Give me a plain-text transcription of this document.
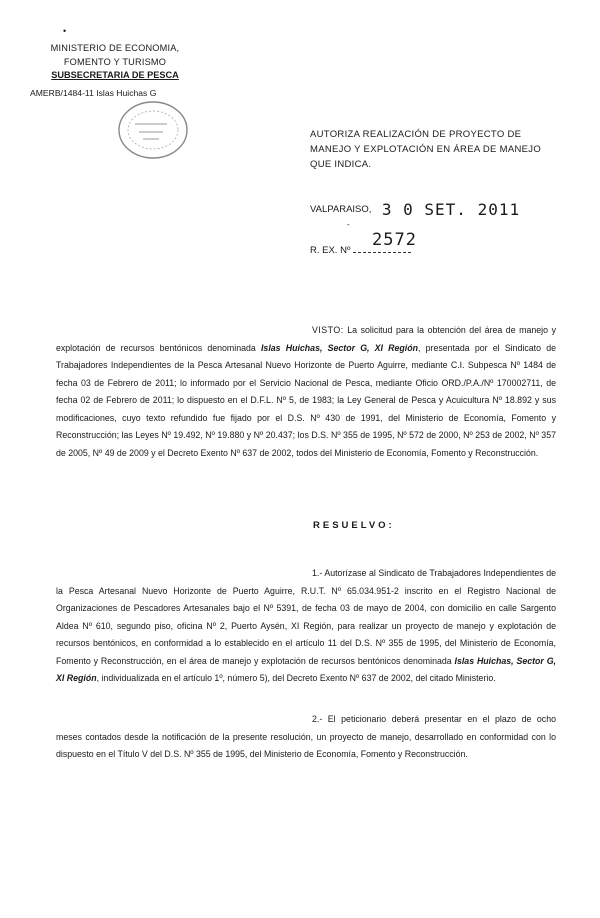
•

MINISTERIO DE ECONOMIA,

FOMENTO Y TURISMO

SUBSECRETARIA DE PESCA

AMERB/1484-11 Islas Huichas G
AUTORIZA REALIZACIÓN DE PROYECTO DE MANEJO Y EXPLOTACIÓN EN ÁREA DE MANEJO QUE INDICA.
VALPARAISO, 3 0 SET. 2011
-
R. EX. Nº
2572
VISTO: La solicitud para la obtención del área de manejo y explotación de recursos bentónicos denominada Islas Huichas, Sector G, XI Región, presentada por el Sindicato de Trabajadores Independientes de la Pesca Artesanal Nuevo Horizonte de Puerto Aguirre, mediante C.I. Subpesca Nº 1484 de fecha 03 de Febrero de 2011; lo informado por el Servicio Nacional de Pesca, mediante Oficio ORD./P.A./Nº 170002711, de fecha 02 de Febrero de 2011; lo dispuesto en el D.F.L. Nº 5, de 1983; la Ley General de Pesca y Acuicultura Nº 18.892 y sus modificaciones, cuyo texto refundido fue fijado por el D.S. Nº 430 de 1991, del Ministerio de Economía, Fomento y Reconstrucción; las Leyes Nº 19.492, Nº 19.880 y Nº 20.437; los D.S. Nº 355 de 1995, Nº 572 de 2000, Nº 253 de 2002, Nº 357 de 2005, Nº 49 de 2009 y el Decreto Exento Nº 637 de 2002, todos del Ministerio de Economía, Fomento y Reconstrucción.
RESUELVO:
1.- Autorízase al Sindicato de Trabajadores Independientes de la Pesca Artesanal Nuevo Horizonte de Puerto Aguirre, R.U.T. Nº 65.034.951-2 inscrito en el Registro Nacional de Organizaciones de Pescadores Artesanales bajo el Nº 5391, de fecha 03 de mayo de 2004, con domicilio en calle Sargento Aldea Nº 610, segundo piso, oficina Nº 2, Puerto Aysén, XI Región, para realizar un proyecto de manejo y explotación de recursos bentónicos, en conformidad a lo establecido en el artículo 11 del D.S. Nº 355 de 1995, del Ministerio de Economía, Fomento y Reconstrucción, en el área de manejo y explotación de recursos bentónicos denominada Islas Huichas, Sector G, XI Región, individualizada en el artículo 1º, número 5), del Decreto Exento Nº 637 de 2002, del citado Ministerio.
2.- El peticionario deberá presentar en el plazo de ocho meses contados desde la notificación de la presente resolución, un proyecto de manejo, desarrollado en conformidad con lo dispuesto en el Título V del D.S. Nº 355 de 1995, del Ministerio de Economía, Fomento y Reconstrucción.
